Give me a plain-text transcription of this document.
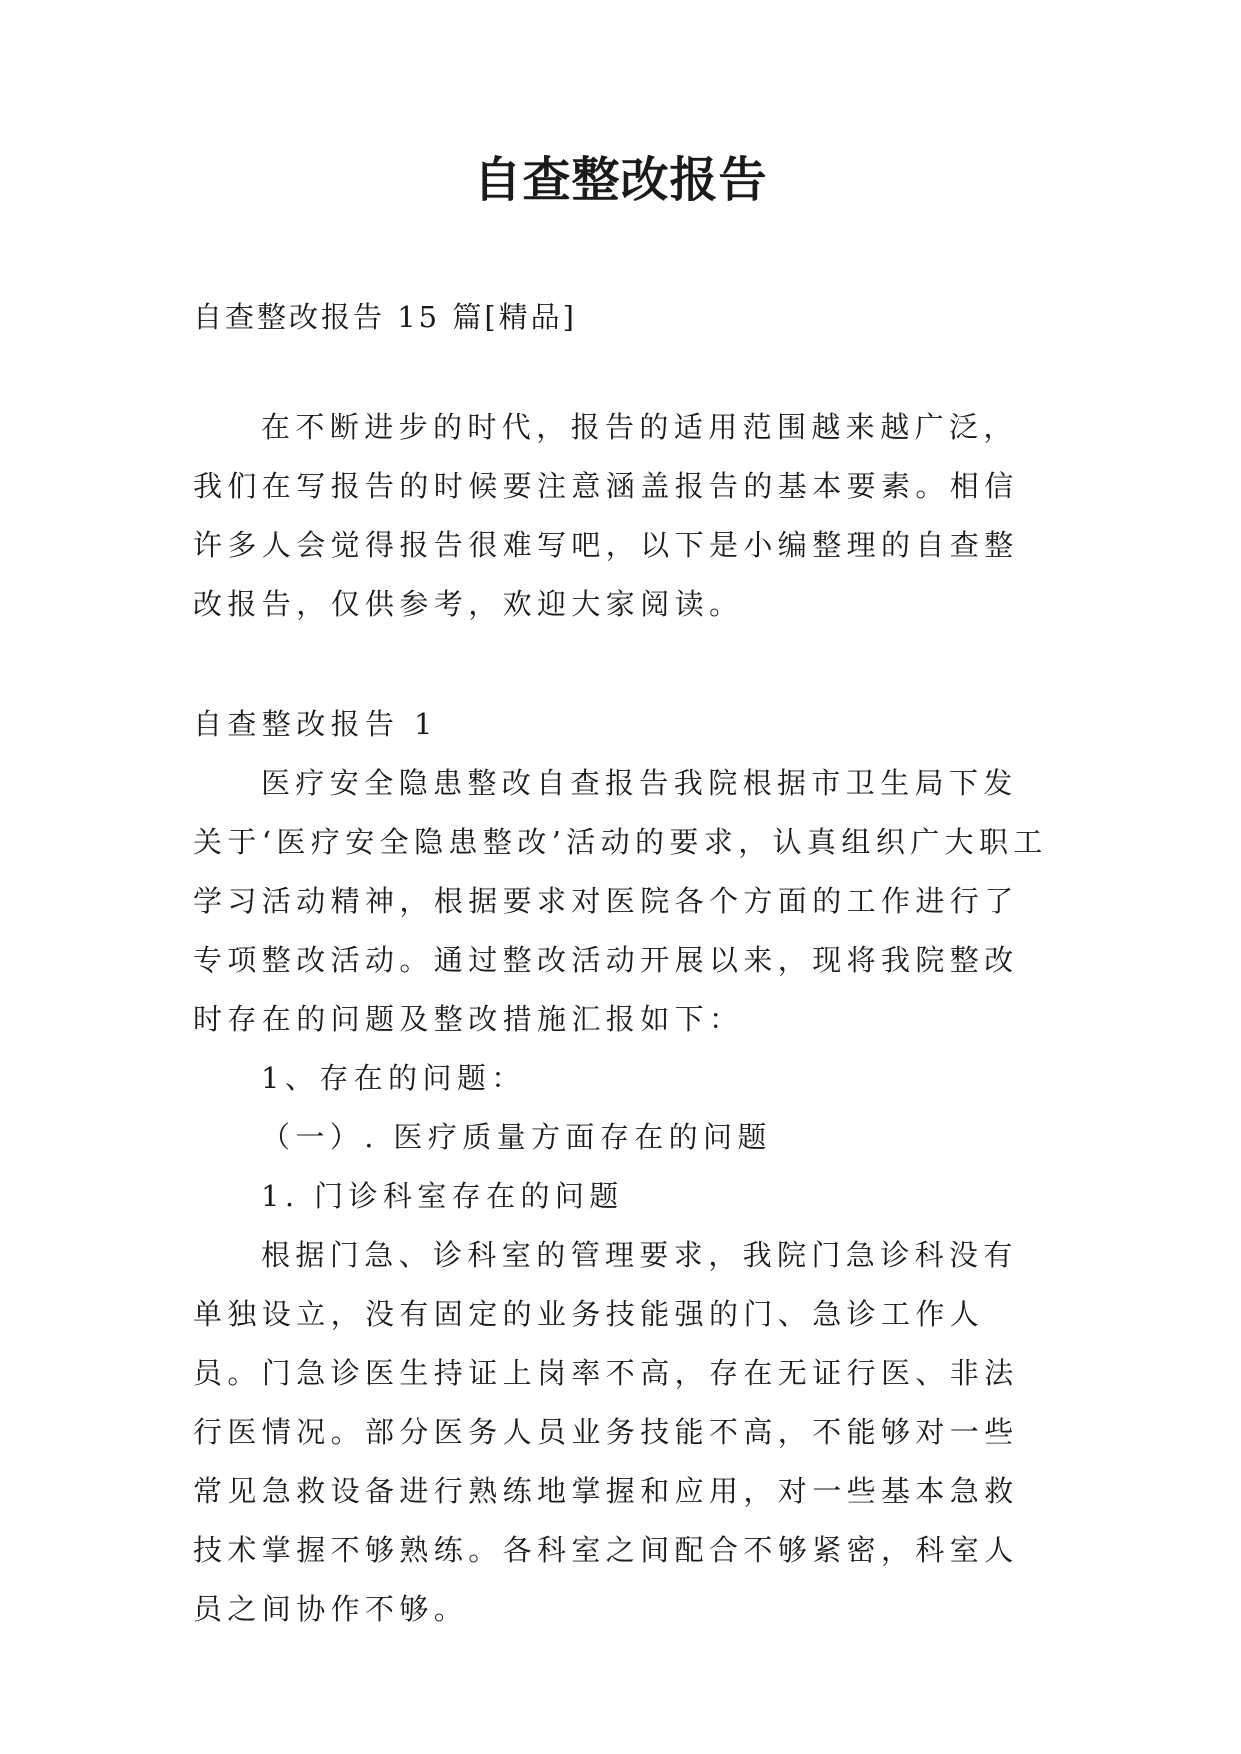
自查整改报告

自查整改报告 15 篇[精品]

在不断进步的时代，报告的适用范围越来越广泛，我们在写报告的时候要注意涵盖报告的基本要素。相信许多人会觉得报告很难写吧，以下是小编整理的自查整改报告，仅供参考，欢迎大家阅读。

自查整改报告 1

医疗安全隐患整改自查报告我院根据市卫生局下发关于‘医疗安全隐患整改’活动的要求，认真组织广大职工学习活动精神，根据要求对医院各个方面的工作进行了专项整改活动。通过整改活动开展以来，现将我院整改时存在的问题及整改措施汇报如下：

1、存在的问题：

（一）. 医疗质量方面存在的问题

1. 门诊科室存在的问题

根据门急、诊科室的管理要求，我院门急诊科没有单独设立，没有固定的业务技能强的门、急诊工作人员。门急诊医生持证上岗率不高，存在无证行医、非法行医情况。部分医务人员业务技能不高，不能够对一些常见急救设备进行熟练地掌握和应用，对一些基本急救技术掌握不够熟练。各科室之间配合不够紧密，科室人员之间协作不够。
